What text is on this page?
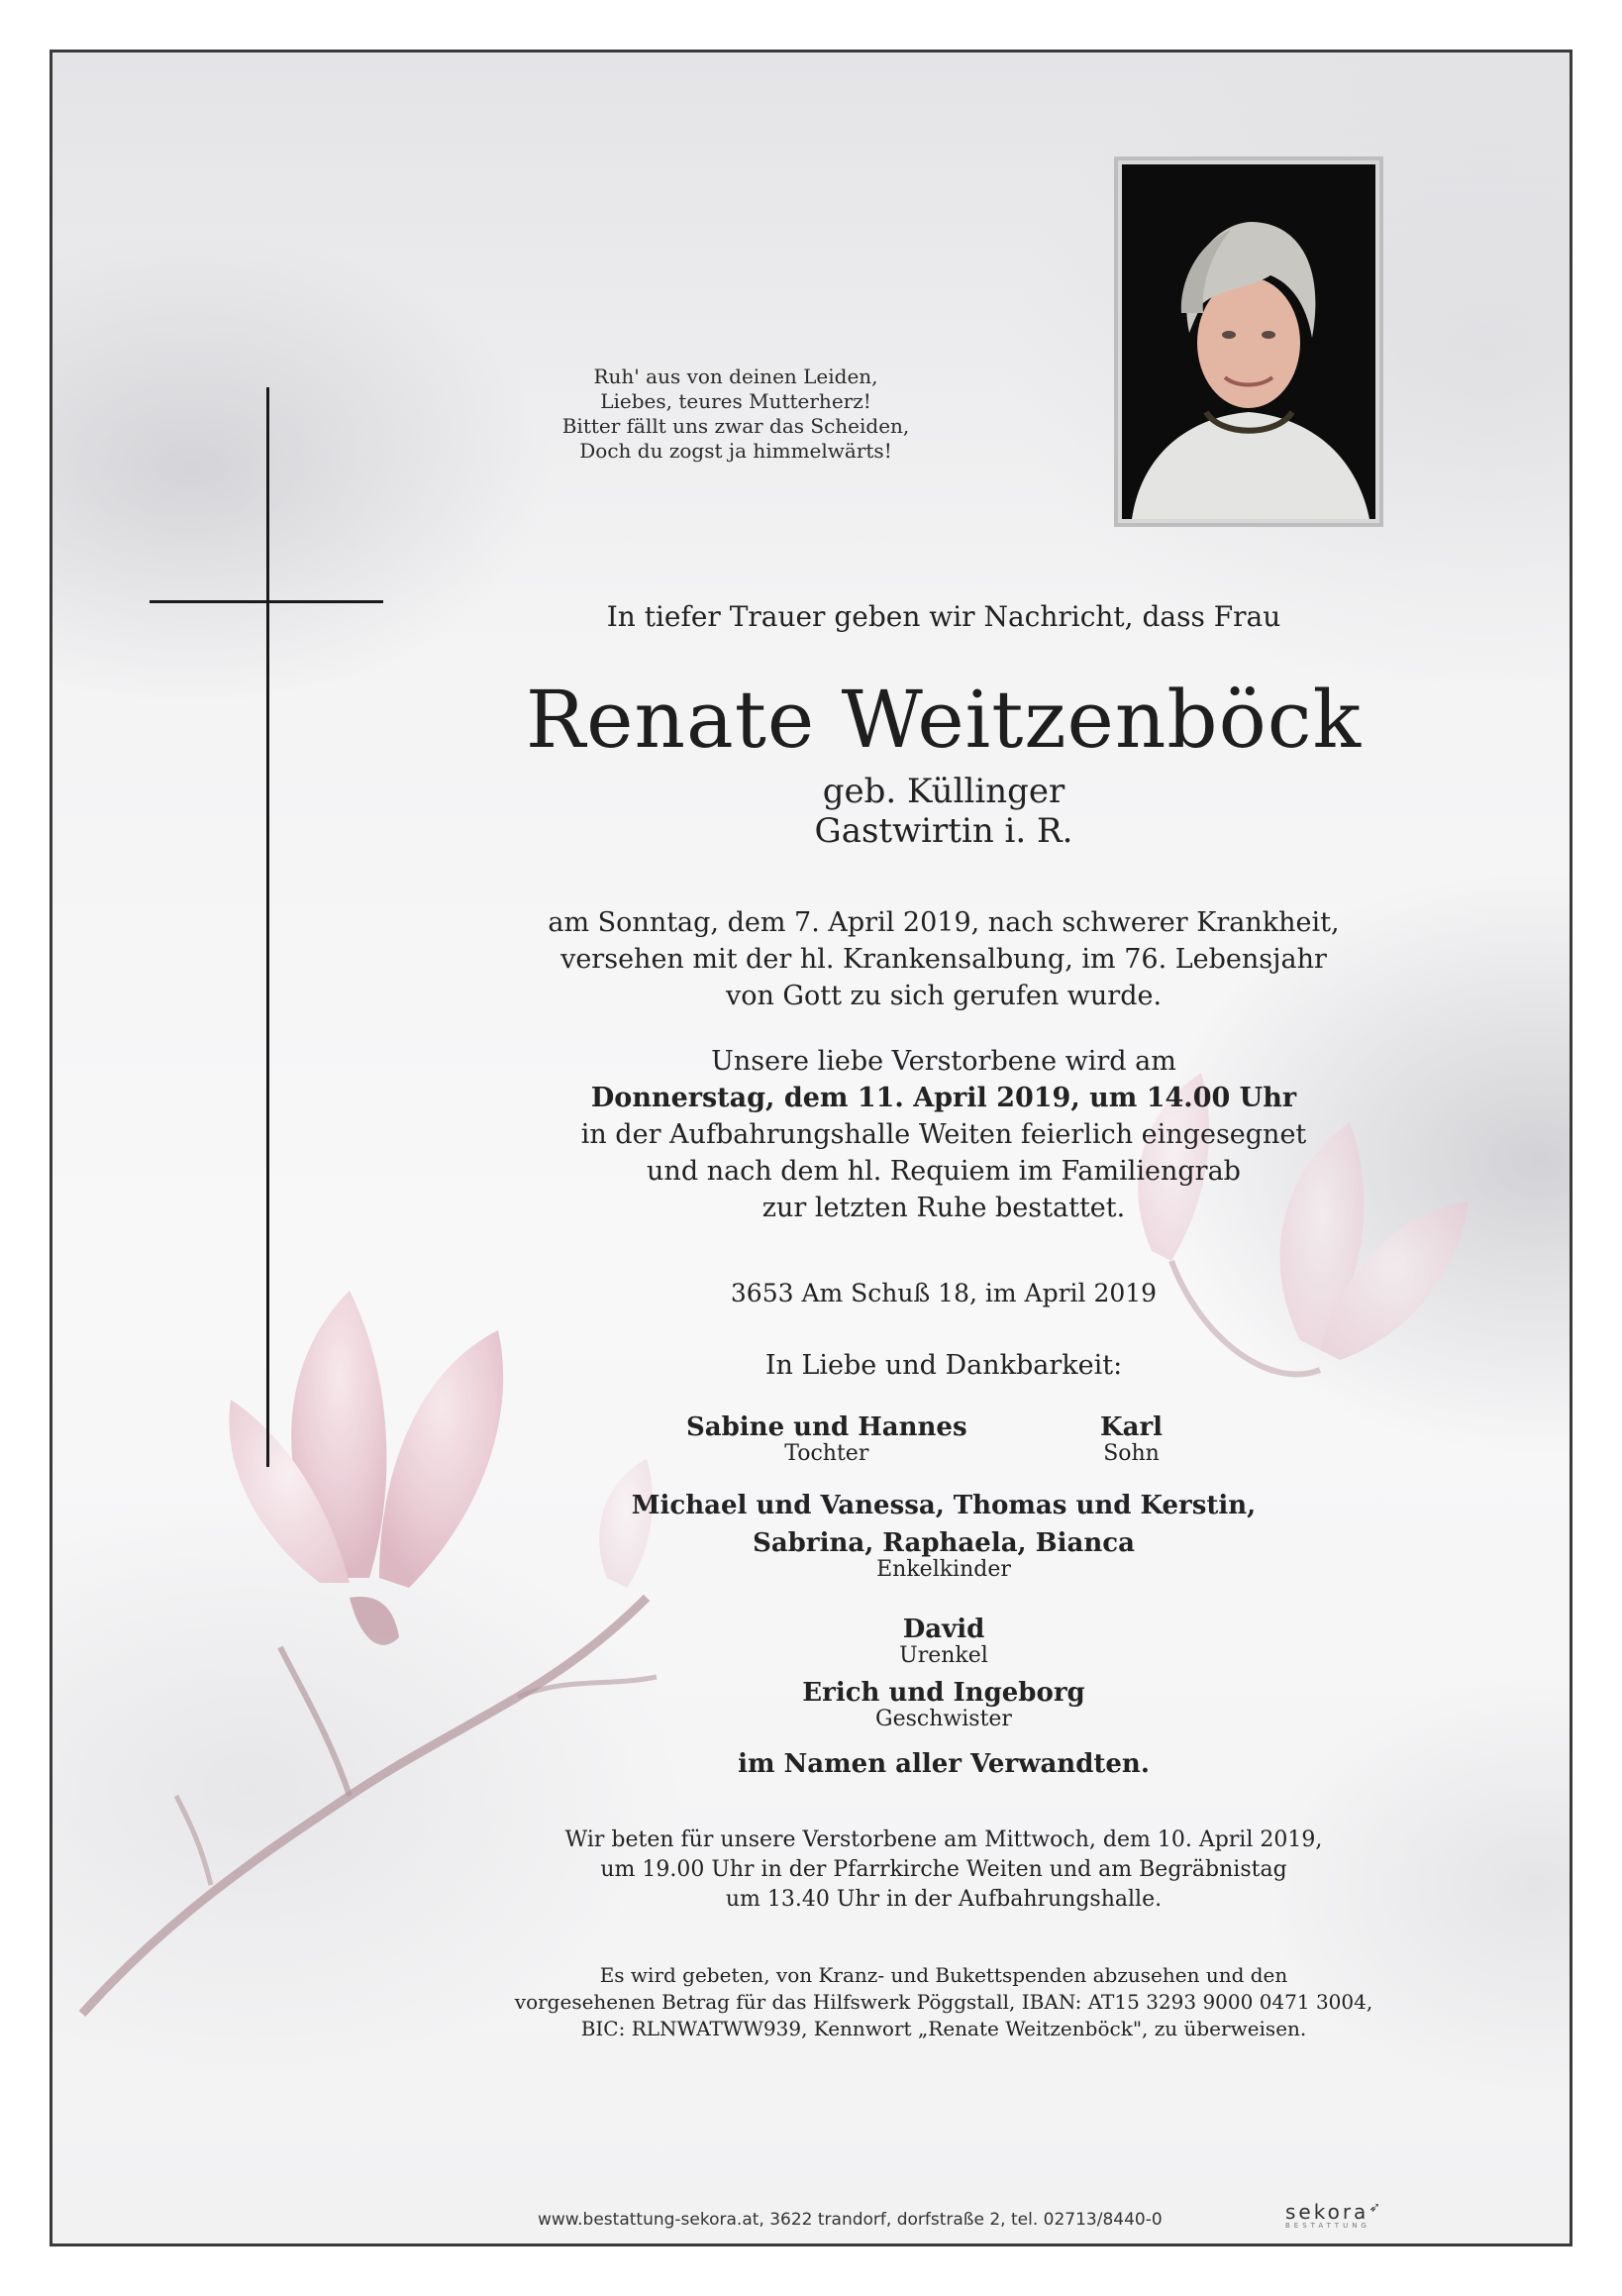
Ruh' aus von deinen Leiden,
Liebes, teures Mutterherz!
Bitter fällt uns zwar das Scheiden,
Doch du zogst ja himmelwärts!
In tiefer Trauer geben wir Nachricht, dass Frau
Renate Weitzenböck
geb. Küllinger
Gastwirtin i. R.
am Sonntag, dem 7. April 2019, nach schwerer Krankheit,
versehen mit der hl. Krankensalbung, im 76. Lebensjahr
von Gott zu sich gerufen wurde.
Unsere liebe Verstorbene wird am
Donnerstag, dem 11. April 2019, um 14.00 Uhr
in der Aufbahrungshalle Weiten feierlich eingesegnet
und nach dem hl. Requiem im Familiengrab
zur letzten Ruhe bestattet.
3653 Am Schuß 18, im April 2019
In Liebe und Dankbarkeit:
Sabine und Hannes
Tochter
Karl
Sohn
Michael und Vanessa, Thomas und Kerstin,
Sabrina, Raphaela, Bianca
Enkelkinder
David
Urenkel
Erich und Ingeborg
Geschwister
im Namen aller Verwandten.
Wir beten für unsere Verstorbene am Mittwoch, dem 10. April 2019,
um 19.00 Uhr in der Pfarrkirche Weiten und am Begräbnistag
um 13.40 Uhr in der Aufbahrungshalle.
Es wird gebeten, von Kranz- und Bukettspenden abzusehen und den
vorgesehenen Betrag für das Hilfswerk Pöggstall, IBAN: AT15 3293 9000 0471 3004,
BIC: RLNWATWW939, Kennwort „Renate Weitzenböck", zu überweisen.
www.bestattung-sekora.at, 3622 trandorf, dorfstraße 2, tel. 02713/8440-0	sekora➶
BESTATTUNG
